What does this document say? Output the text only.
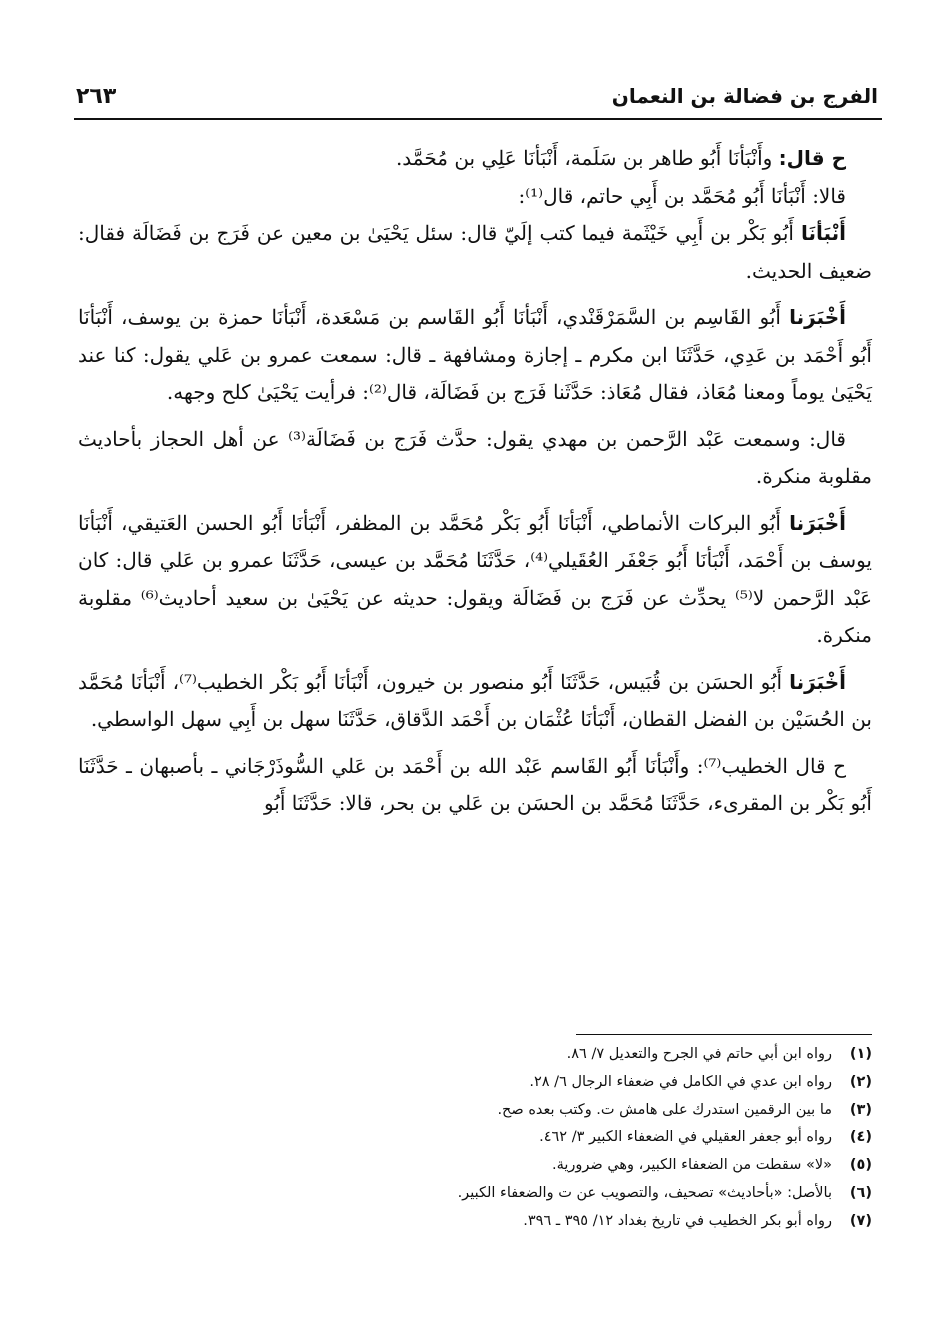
الفرج بن فضالة بن النعمان
٢٦٣

ح قال: وأَنْبَأنَا أَبُو طاهر بن سَلَمة، أَنْبَأنَا عَلِي بن مُحَمَّد.

قالا: أَنْبَأنَا أَبُو مُحَمَّد بن أَبِي حاتم، قال⁽¹⁾:

أَنْبَأنَا أَبُو بَكْر بن أَبِي خَيْثَمة فيما كتب إلَيّ قال: سئل يَحْيَىٰ بن معين عن فَرَج بن فَضَالَة فقال: ضعيف الحديث.

أَخْبَرَنا أَبُو القَاسِم بن السَّمَرْقَنْدي، أَنْبَأنَا أَبُو القَاسم بن مَسْعَدة، أَنْبَأنَا حمزة بن يوسف، أَنْبَأنَا أَبُو أَحْمَد بن عَدِي، حَدَّثَنَا ابن مكرم ـ إجازة ومشافهة ـ قال: سمعت عمرو بن عَلي يقول: كنا عند يَحْيَىٰ يوماً ومعنا مُعَاذ، فقال مُعَاذ: حَدَّثَنا فَرَج بن فَضَالَة، قال⁽²⁾: فرأيت يَحْيَىٰ كلح وجهه.

قال: وسمعت عَبْد الرَّحمن بن مهدي يقول: حدَّث فَرَج بن فَضَالَة⁽³⁾ عن أهل الحجاز بأحاديث مقلوبة منكرة.

أَخْبَرَنا أَبُو البركات الأنماطي، أَنْبَأنَا أَبُو بَكْر مُحَمَّد بن المظفر، أَنْبَأنَا أَبُو الحسن العَتيقي، أَنْبَأنَا يوسف بن أَحْمَد، أَنْبَأنَا أَبُو جَعْفَر العُقَيلي⁽⁴⁾، حَدَّثَنَا مُحَمَّد بن عيسى، حَدَّثَنَا عمرو بن عَلي قال: كان عَبْد الرَّحمن لا⁽⁵⁾ يحدِّث عن فَرَج بن فَضَالَة ويقول: حديثه عن يَحْيَىٰ بن سعيد أحاديث⁽⁶⁾ مقلوبة منكرة.

أَخْبَرَنا أَبُو الحسَن بن قُبَيس، حَدَّثَنَا أَبُو منصور بن خيرون، أَنْبَأنَا أَبُو بَكْر الخطيب⁽⁷⁾، أَنْبَأنَا مُحَمَّد بن الحُسَيْن بن الفضل القطان، أَنْبَأنَا عُثْمَان بن أَحْمَد الدَّقاق، حَدَّثَنَا سهل بن أَبِي سهل الواسطي.

ح قال الخطيب⁽⁷⁾: وأَنْبَأنَا أَبُو القَاسم عَبْد الله بن أَحْمَد بن عَلي السُّوذَرْجَاني ـ بأصبهان ـ حَدَّثَنَا أَبُو بَكْر بن المقرىء، حَدَّثَنَا مُحَمَّد بن الحسَن بن عَلي بن بحر، قالا: حَدَّثَنَا أَبُو

(١)رواه ابن أبي حاتم في الجرح والتعديل ٧/ ٨٦.
(٢)رواه ابن عدي في الكامل في ضعفاء الرجال ٦/ ٢٨.
(٣)ما بين الرقمين استدرك على هامش ت. وكتب بعده صح.
(٤)رواه أبو جعفر العقيلي في الضعفاء الكبير ٣/ ٤٦٢.
(٥)«لا» سقطت من الضعفاء الكبير، وهي ضرورية.
(٦)بالأصل: «بأحاديث» تصحيف، والتصويب عن ت والضعفاء الكبير.
(٧)رواه أبو بكر الخطيب في تاريخ بغداد ١٢/ ٣٩٥ ـ ٣٩٦.
